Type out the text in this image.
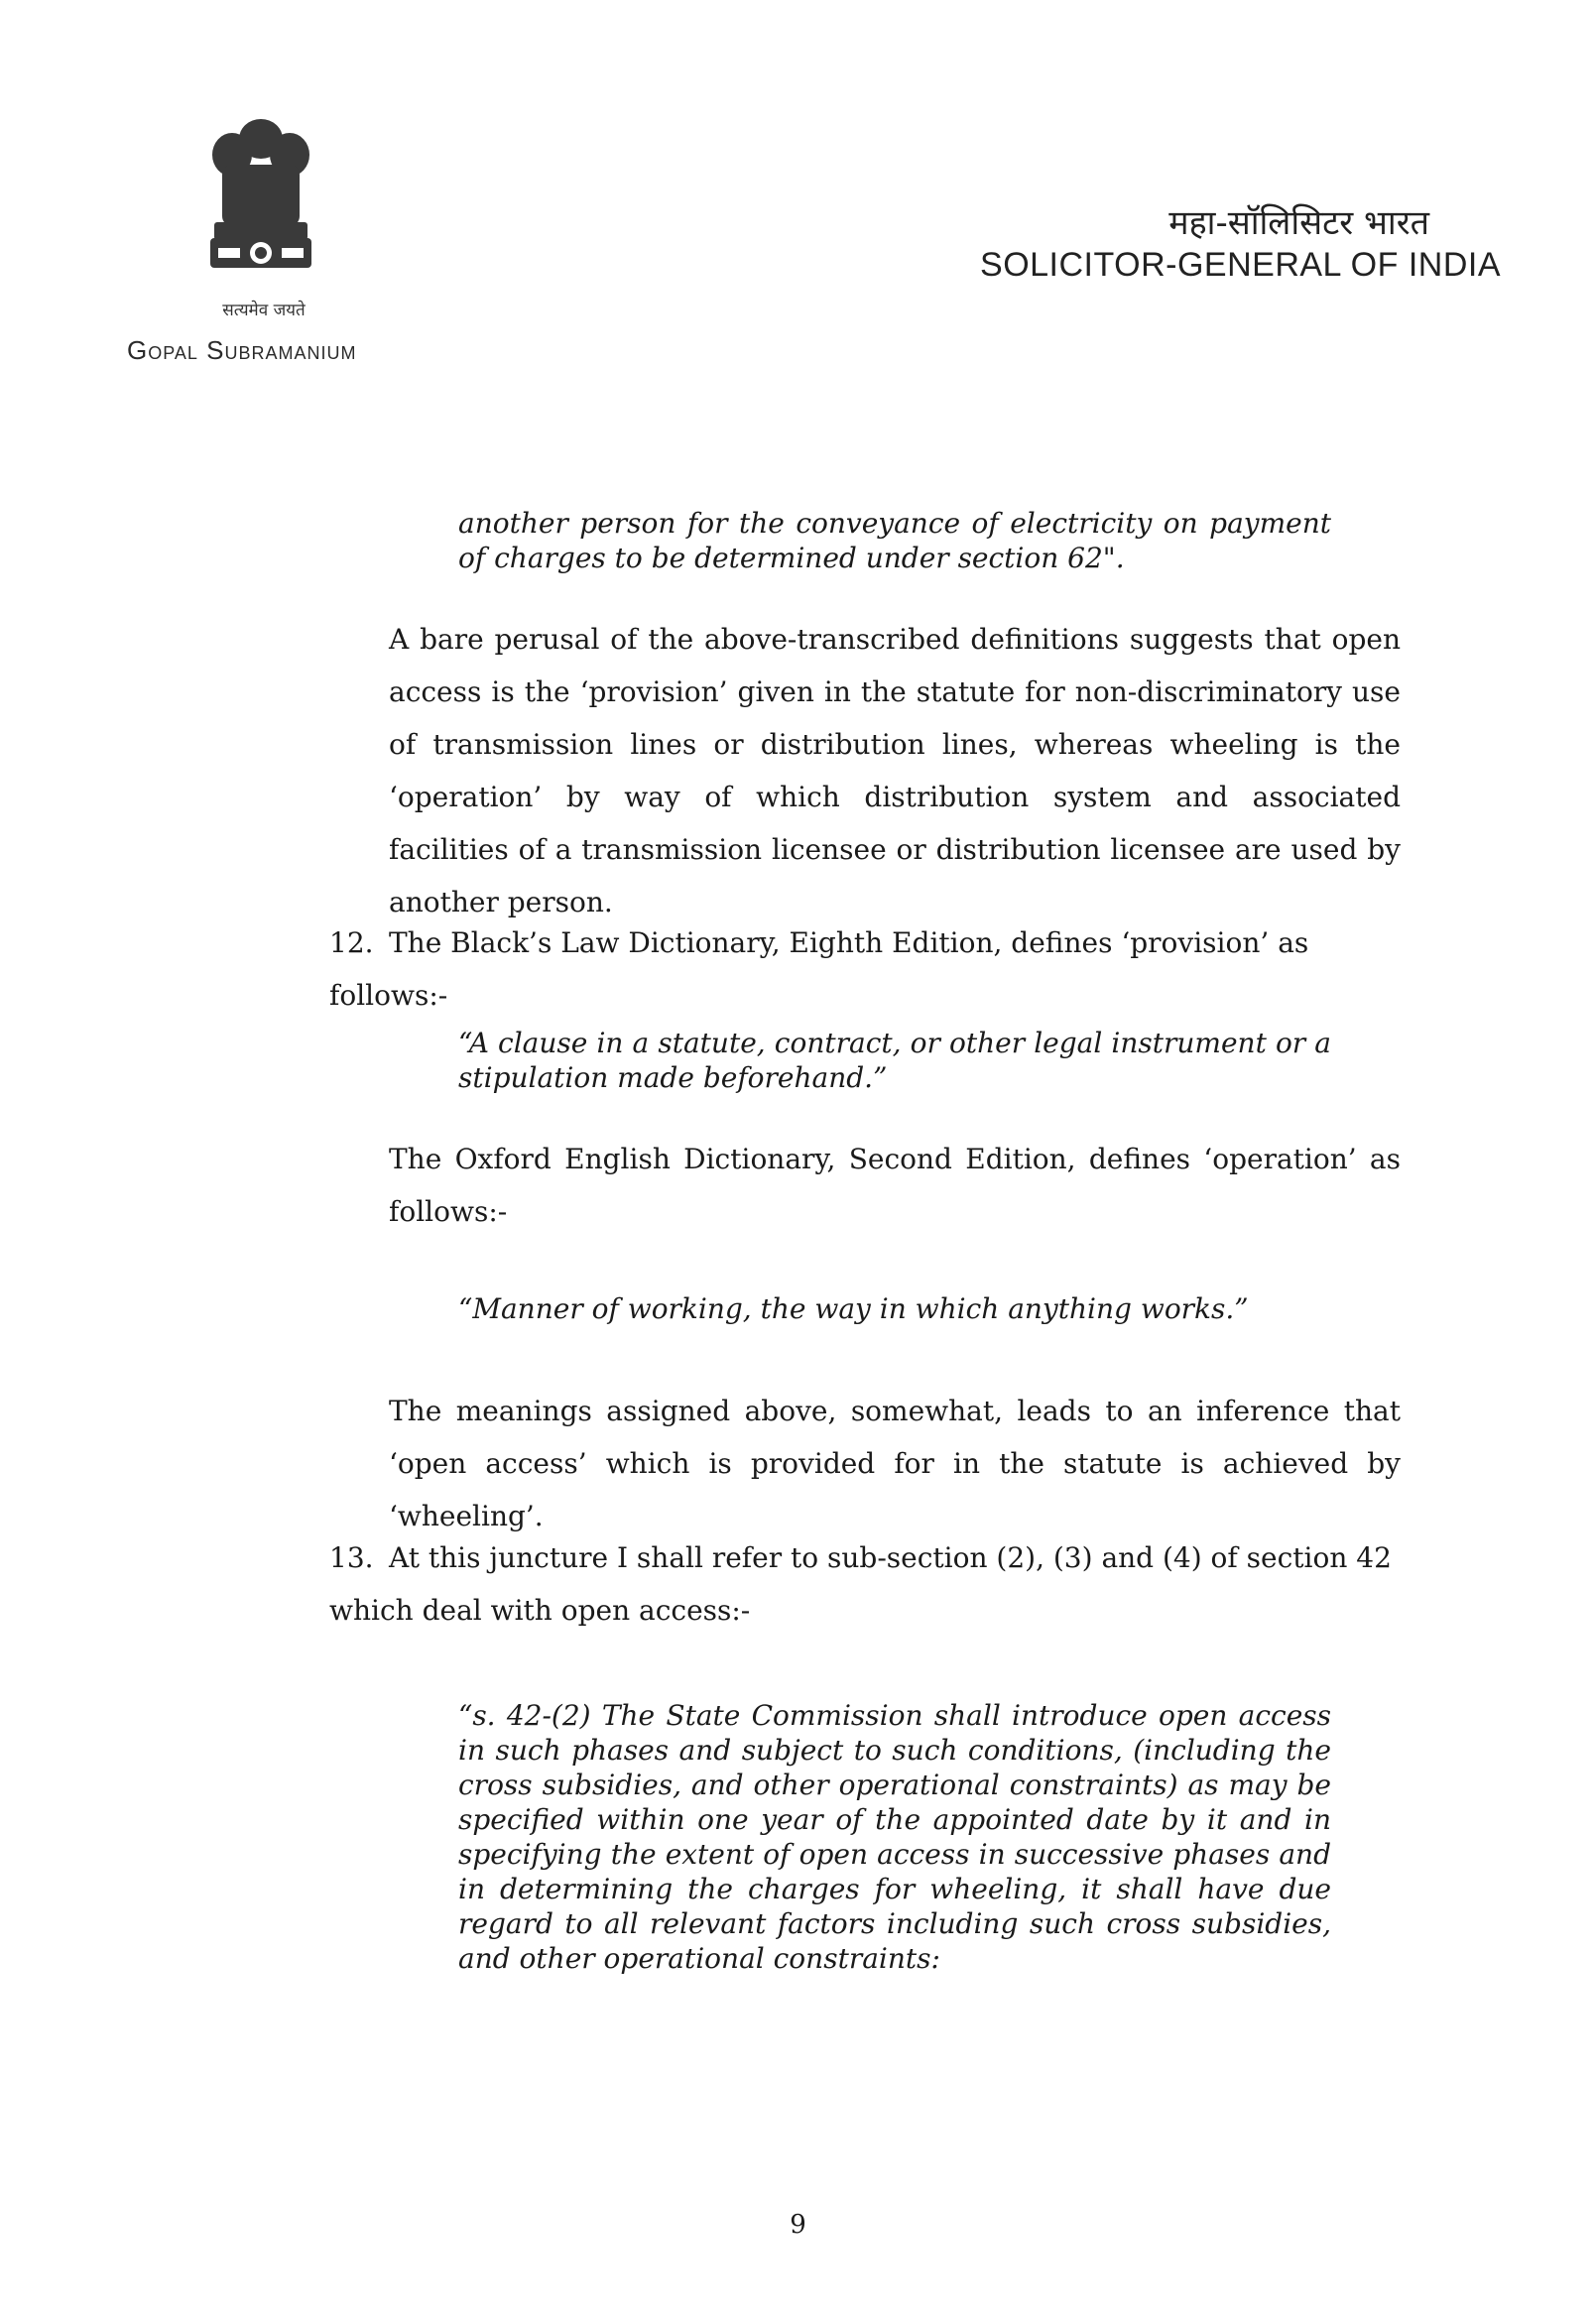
सत्यमेव जयते
Gopal Subramanium
महा-सॉलिसिटर भारत
SOLICITOR-GENERAL OF INDIA

another person for the conveyance of electricity on payment of charges to be determined under section 62".

A bare perusal of the above-transcribed definitions suggests that open access is the ‘provision’ given in the statute for non-discriminatory use of transmission lines or distribution lines, whereas wheeling is the ‘operation’ by way of which distribution system and associated facilities of a transmission licensee or distribution licensee are used by another person.

12. The Black’s Law Dictionary, Eighth Edition, defines ‘provision’ as follows:-

“A clause in a statute, contract, or other legal instrument or a stipulation made beforehand.”

The Oxford English Dictionary, Second Edition, defines ‘operation’ as follows:-

“Manner of working, the way in which anything works.”

The meanings assigned above, somewhat, leads to an inference that ‘open access’ which is provided for in the statute is achieved by ‘wheeling’.

13. At this juncture I shall refer to sub-section (2), (3) and (4) of section 42 which deal with open access:-

“s. 42-(2) The State Commission shall introduce open access in such phases and subject to such conditions, (including the cross subsidies, and other operational constraints) as may be specified within one year of the appointed date by it and in specifying the extent of open access in successive phases and in determining the charges for wheeling, it shall have due regard to all relevant factors including such cross subsidies, and other operational constraints:

9
